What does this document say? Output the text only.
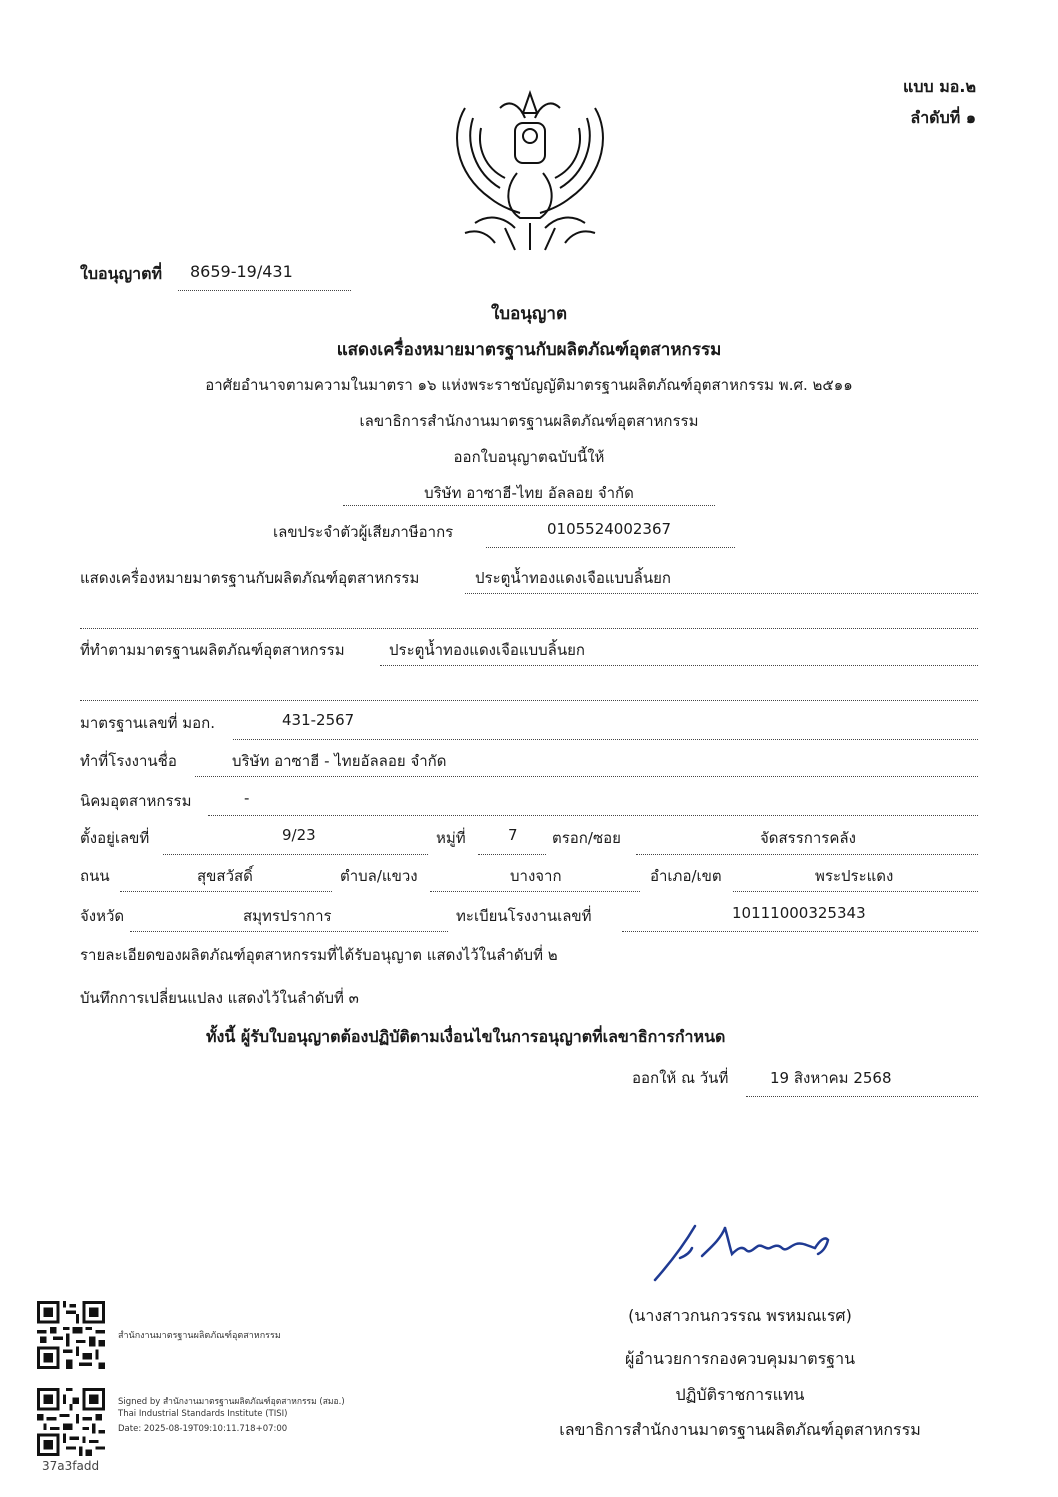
แบบ มอ.๒
ลำดับที่ ๑
ใบอนุญาตที่ 8659-19/431
ใบอนุญาต
แสดงเครื่องหมายมาตรฐานกับผลิตภัณฑ์อุตสาหกรรม
อาศัยอำนาจตามความในมาตรา ๑๖ แห่งพระราชบัญญัติมาตรฐานผลิตภัณฑ์อุตสาหกรรม พ.ศ. ๒๕๑๑
เลขาธิการสำนักงานมาตรฐานผลิตภัณฑ์อุตสาหกรรม
ออกใบอนุญาตฉบับนี้ให้
บริษัท อาซาฮี-ไทย อัลลอย จำกัด
เลขประจำตัวผู้เสียภาษีอากร	0105524002367
แสดงเครื่องหมายมาตรฐานกับผลิตภัณฑ์อุตสาหกรรม	ประตูน้ำทองแดงเจือแบบลิ้นยก
ที่ทำตามมาตรฐานผลิตภัณฑ์อุตสาหกรรม	ประตูน้ำทองแดงเจือแบบลิ้นยก
มาตรฐานเลขที่ มอก.	431-2567
ทำที่โรงงานชื่อ	บริษัท อาซาฮี - ไทยอัลลอย จำกัด
นิคมอุตสาหกรรม	-
ตั้งอยู่เลขที่	9/23	หมู่ที่	7 ตรอก/ซอย	จัดสรรการคลัง
ถนน	สุขสวัสดิ์	ตำบล/แขวง	บางจาก	อำเภอ/เขต	พระประแดง
จังหวัด	สมุทรปราการ	ทะเบียนโรงงานเลขที่	10111000325343
รายละเอียดของผลิตภัณฑ์อุตสาหกรรมที่ได้รับอนุญาต แสดงไว้ในลำดับที่ ๒
บันทึกการเปลี่ยนแปลง แสดงไว้ในลำดับที่ ๓
ทั้งนี้ ผู้รับใบอนุญาตต้องปฏิบัติตามเงื่อนไขในการอนุญาตที่เลขาธิการกำหนด
ออกให้ ณ วันที่	19 สิงหาคม 2568
(นางสาวกนกวรรณ พรหมณเรศ)
ผู้อำนวยการกองควบคุมมาตรฐาน
ปฏิบัติราชการแทน
เลขาธิการสำนักงานมาตรฐานผลิตภัณฑ์อุตสาหกรรม
สำนักงานมาตรฐานผลิตภัณฑ์อุตสาหกรรม
Signed by สำนักงานมาตรฐานผลิตภัณฑ์อุตสาหกรรม (สมอ.)
Thai Industrial Standards Institute (TISI)
Date: 2025-08-19T09:10:11.718+07:00
37a3fadd
